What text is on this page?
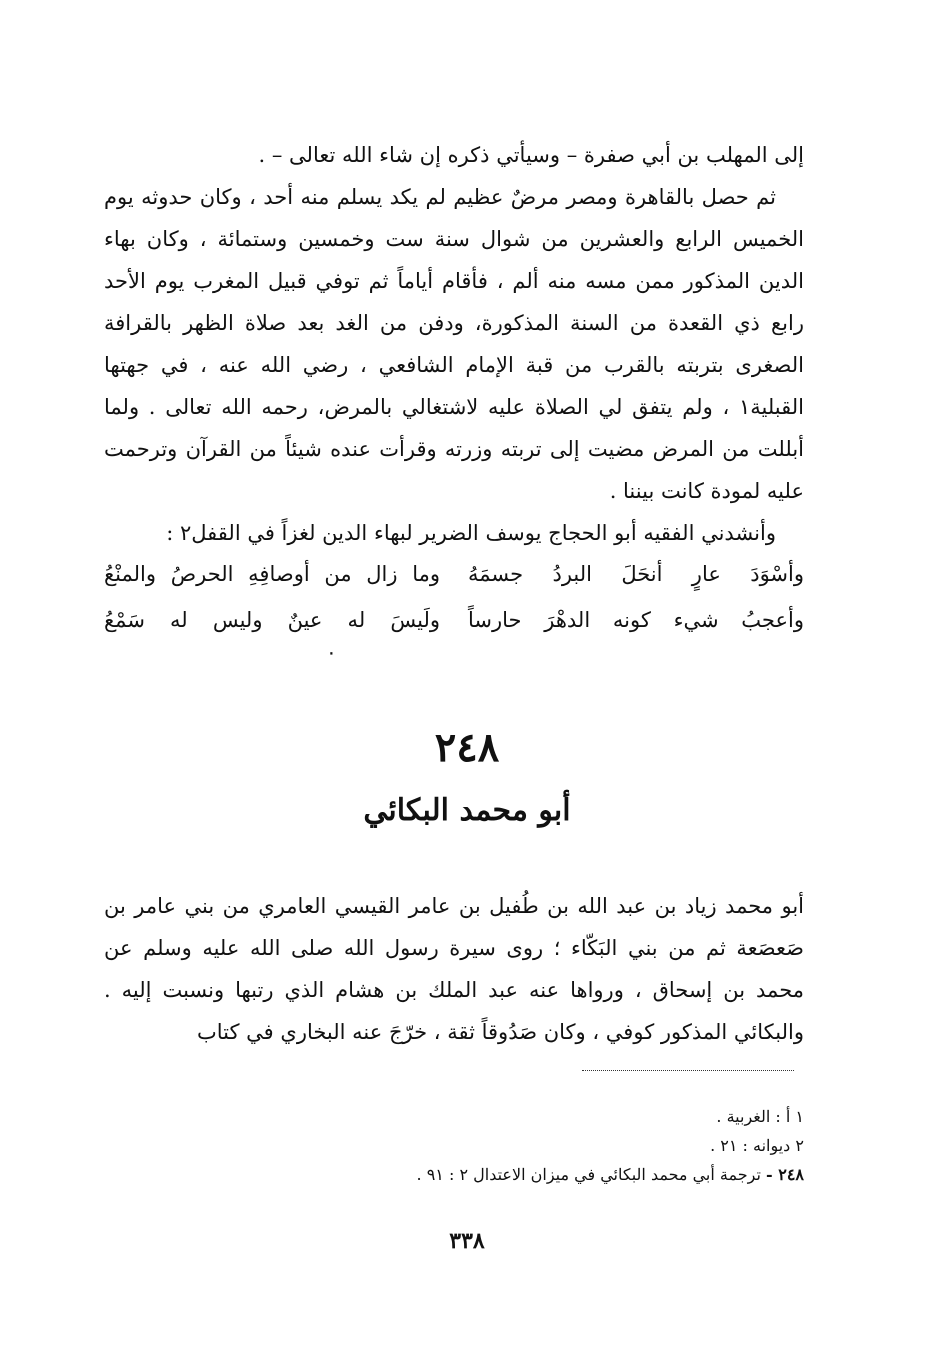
إلى المهلب بن أبي صفرة – وسيأتي ذكره إن شاء الله تعالى – .

ثم حصل بالقاهرة ومصر مرضٌ عظيم لم يكد يسلم منه أحد ، وكان حدوثه يوم الخميس الرابع والعشرين من شوال سنة ست وخمسين وستمائة ، وكان بهاء الدين المذكور ممن مسه منه ألم ، فأقام أياماً ثم توفي قبيل المغرب يوم الأحد رابع ذي القعدة من السنة المذكورة، ودفن من الغد بعد صلاة الظهر بالقرافة الصغرى بتربته بالقرب من قبة الإمام الشافعي ، رضي الله عنه ، في جهتها القبلية١ ، ولم يتفق لي الصلاة عليه لاشتغالي بالمرض، رحمه الله تعالى . ولما أبللت من المرض مضيت إلى تربته وزرته وقرأت عنده شيئاً من القرآن وترحمت عليه لمودة كانت بيننا .

وأنشدني الفقيه أبو الحجاج يوسف الضرير لبهاء الدين لغزاً في القفل٢ :

وأسْوَدَ عارٍ أنحَلَ البردُ جسمَهُ
وما زال من أوصافِهِ الحرصُ والمنْعُ
وأعجبُ شيء كونه الدهْرَ حارساً
ولَيسَ له عينٌ وليس له سَمْعُ
٠
٢٤٨
أبو محمد البكائي

أبو محمد زياد بن عبد الله بن طُفيل بن عامر القيسي العامري من بني عامر بن صَعصَعة ثم من بني البَكّاء ؛ روى سيرة رسول الله صلى الله عليه وسلم عن محمد بن إسحاق ، ورواها عنه عبد الملك بن هشام الذي رتبها ونسبت إليه . والبكائي المذكور كوفي ، وكان صَدُوقاً ثقة ، خرّجَ عنه البخاري في كتاب

١ أ : الغربية .
٢ ديوانه : ٢١ .
٢٤٨ - ترجمة أبي محمد البكائي في ميزان الاعتدال ٢ : ٩١ .
٣٣٨
